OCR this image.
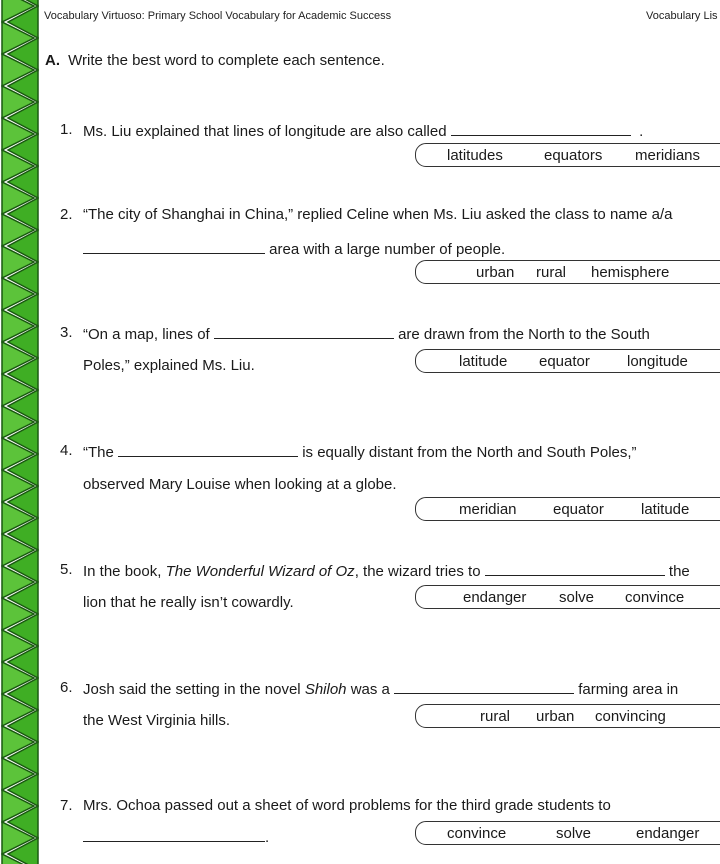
Vocabulary Virtuoso: Primary School Vocabulary for Academic Success	Vocabulary Lis
A. Write the best word to complete each sentence.
1. Ms. Liu explained that lines of longitude are also called	.
latitudes	equators meridians
2. “The city of Shanghai in China,” replied Celine when Ms. Liu asked the class to name a/a
area with a large number of people.
urban rural hemisphere
3. “On a map, lines of	are drawn from the North to the South
Poles,” explained Ms. Liu.	latitude equator longitude
4. “The	is equally distant from the North and South Poles,”
observed Mary Louise when looking at a globe.
meridian equator latitude
5. In the book, The Wonderful Wizard of Oz, the wizard tries to	the
lion that he really isn’t cowardly.	endanger solve convince
6. Josh said the setting in the novel Shiloh was a	farming area in
the West Virginia hills.	rural urban convincing
7. Mrs. Ochoa passed out a sheet of word problems for the third grade students to
.	convince	solve	endanger
